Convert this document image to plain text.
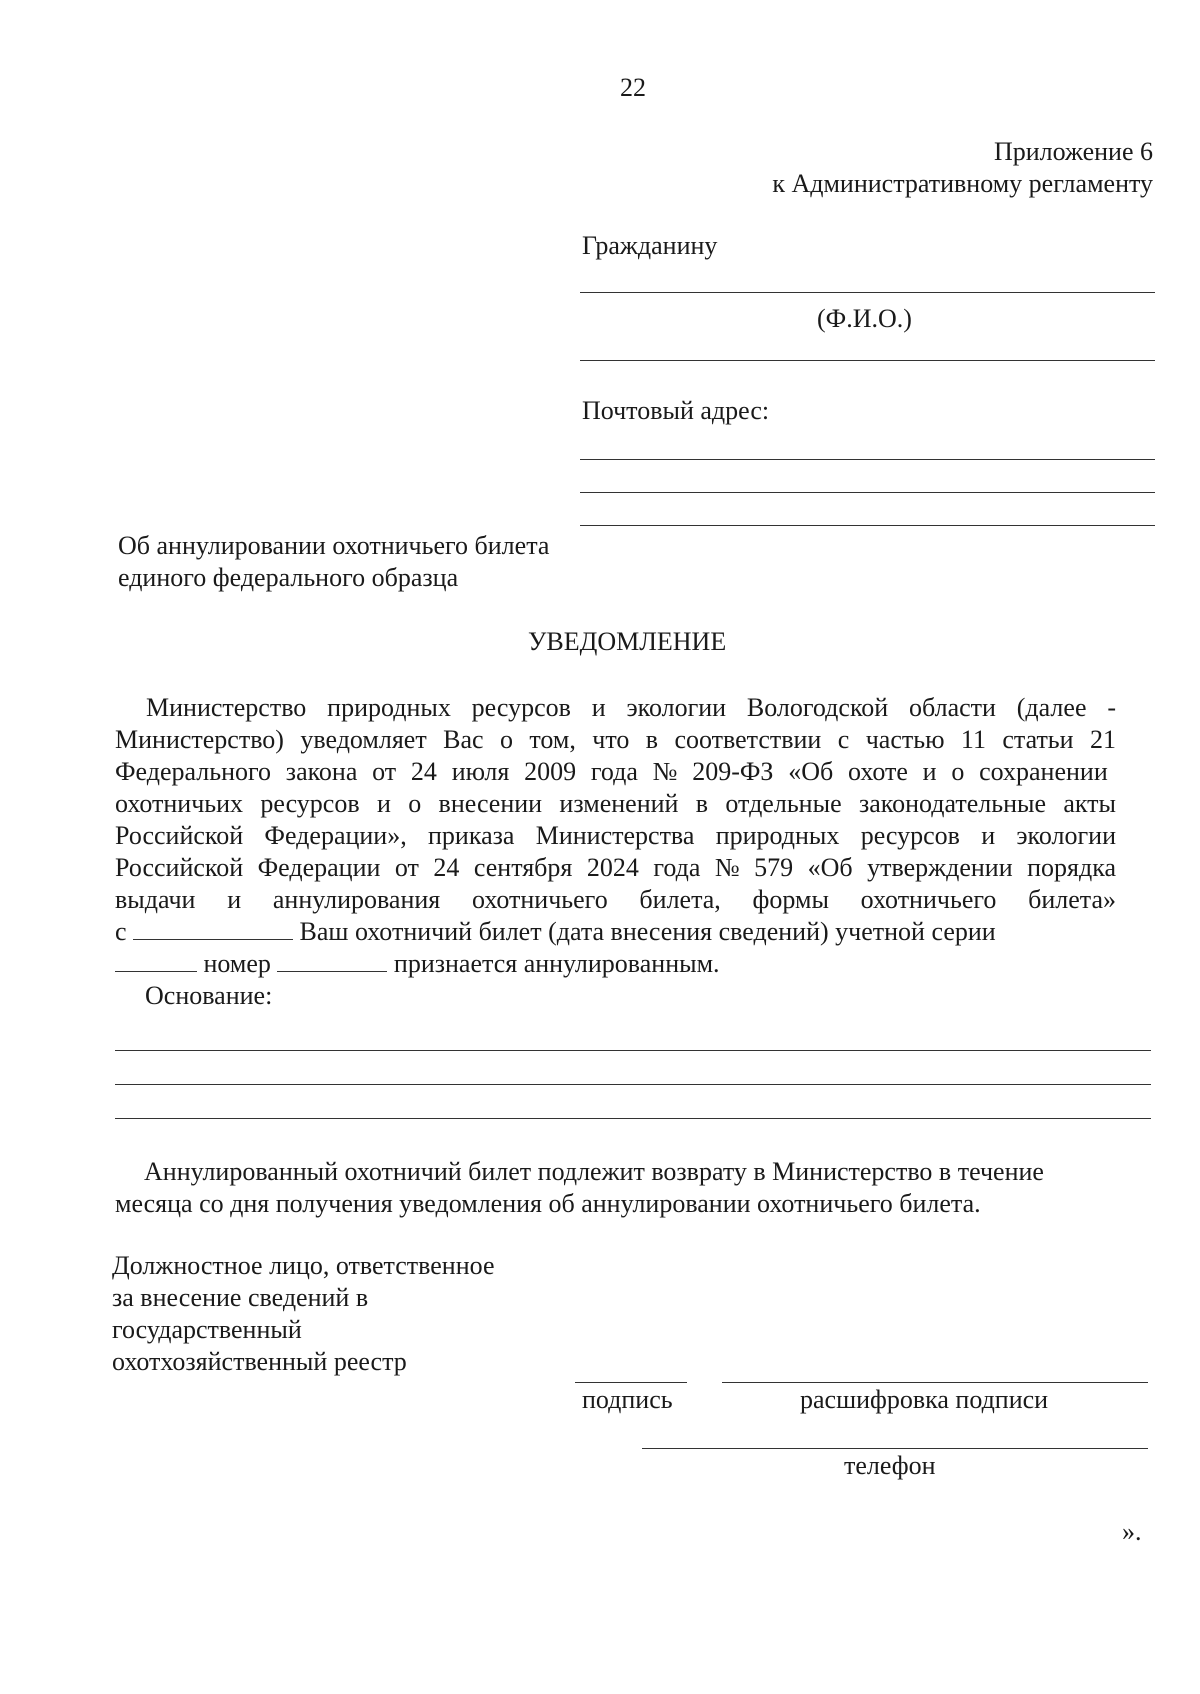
22
Приложение 6
к Административному регламенту
Гражданину
(Ф.И.О.)
Почтовый адрес:
Об аннулировании охотничьего билета
единого федерального образца
УВЕДОМЛЕНИЕ
Министерство природных ресурсов и экологии Вологодской области (далее -
Министерство) уведомляет Вас о том, что в соответствии с частью 11 статьи 21
Федерального закона от 24 июля 2009 года № 209-ФЗ «Об охоте и о сохранении
охотничьих ресурсов и о внесении изменений в отдельные законодательные акты
Российской Федерации», приказа Министерства природных ресурсов и экологии
Российской Федерации от 24 сентября 2024 года № 579 «Об утверждении порядка
выдачи и аннулирования охотничьего билета, формы охотничьего билета»
с	Ваш охотничий билет (дата внесения сведений) учетной серии
номер	признается аннулированным.
Основание:
Аннулированный охотничий билет подлежит возврату в Министерство в течение
месяца со дня получения уведомления об аннулировании охотничьего билета.
Должностное лицо, ответственное
за внесение сведений в
государственный
охотхозяйственный реестр
подпись	расшифровка подписи
телефон
».
